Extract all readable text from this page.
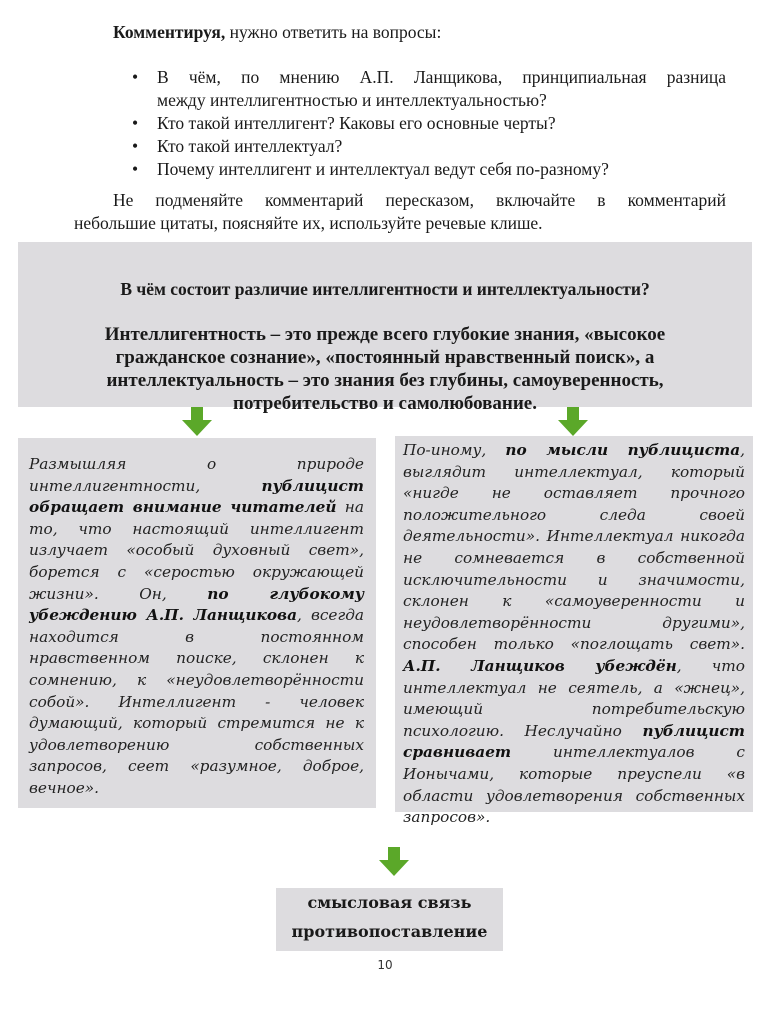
Комментируя, нужно ответить на вопросы:
• В чём, по мнению А.П. Ланщикова, принципиальная разница
между интеллигентностью и интеллектуальностью?
• Кто такой интеллигент? Каковы его основные черты?
• Кто такой интеллектуал?
• Почему интеллигент и интеллектуал ведут себя по-разному?
Не подменяйте комментарий пересказом, включайте в комментарий
небольшие цитаты, поясняйте их, используйте речевые клише.
В чём состоит различие интеллигентности и интеллектуальности?
Интеллигентность – это прежде всего глубокие знания, «высокое гражданское сознание», «постоянный нравственный поиск», а интеллектуальность – это знания без глубины, самоуверенность, потребительство и самолюбование.
Размышляя о природе интеллигентности, публицист обращает внимание читателей на то, что настоящий интеллигент излучает «особый духовный свет», борется с «серостью окружающей жизни». Он, по глубокому убеждению А.П. Ланщикова, всегда находится в постоянном нравственном поиске, склонен к сомнению, к «неудовлетворённости собой». Интеллигент - человек думающий, который стремится не к удовлетворению собственных запросов, сеет «разумное, доброе, вечное».
По-иному, по мысли публициста, выглядит интеллектуал, который «нигде не оставляет прочного положительного следа своей деятельности». Интеллектуал никогда не сомневается в собственной исключительности и значимости, склонен к «самоуверенности и неудовлетворённости другими», способен только «поглощать свет». А.П. Ланщиков убеждён, что интеллектуал не сеятель, а «жнец», имеющий потребительскую психологию. Неслучайно публицист сравнивает интеллектуалов с Ионычами, которые преуспели «в области удовлетворения собственных запросов».
смысловая связь
противопоставление
10
